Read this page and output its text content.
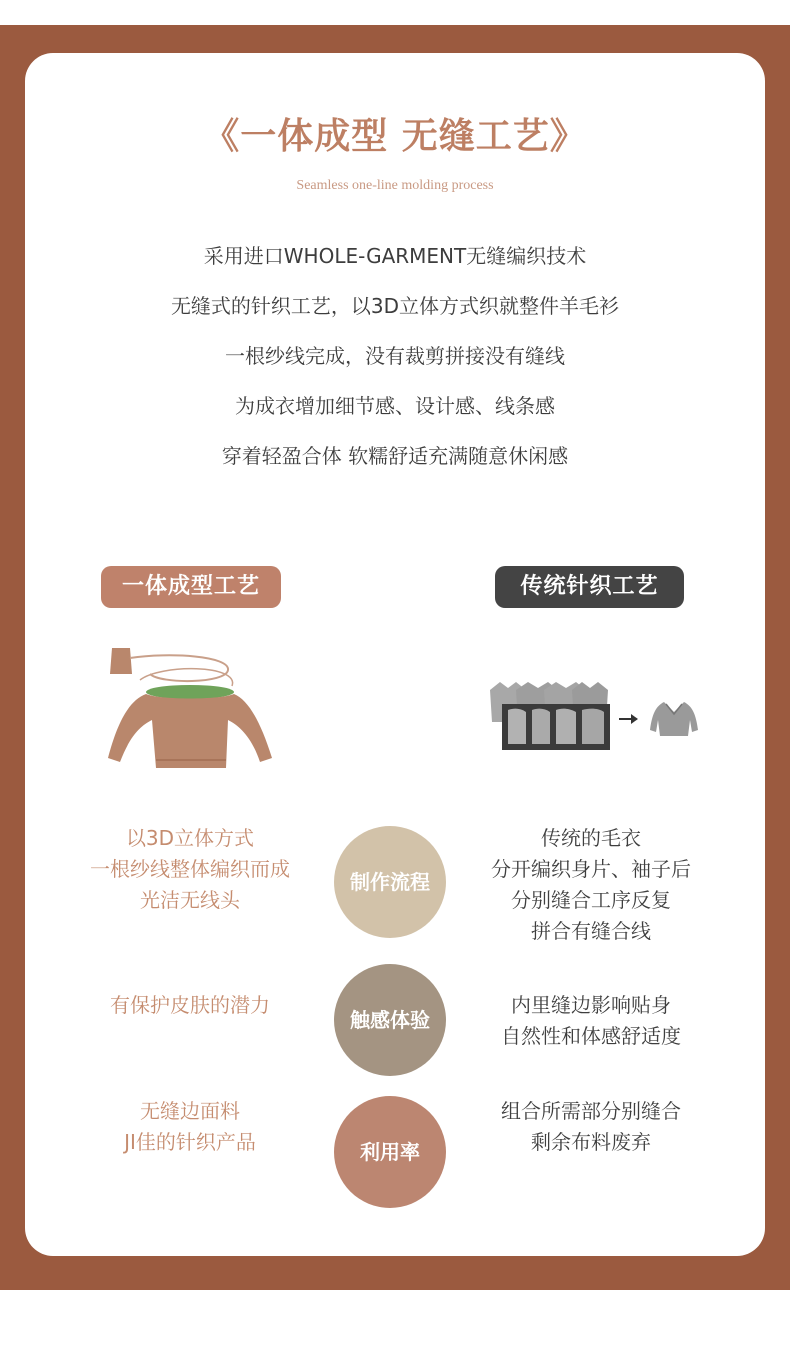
《一体成型 无缝工艺》
Seamless one-line molding process
采用进口WHOLE-GARMENT无缝编织技术
无缝式的针织工艺，以3D立体方式织就整件羊毛衫
一根纱线完成，没有裁剪拼接没有缝线
为成衣增加细节感、设计感、线条感
穿着轻盈合体 软糯舒适充满随意休闲感
一体成型工艺	传统针织工艺
以3D立体方式
一根纱线整体编织而成
光洁无线头
制作流程
传统的毛衣
分开编织身片、袖子后
分别缝合工序反复
拼合有缝合线
有保护皮肤的潜力
触感体验
内里缝边影响贴身
自然性和体感舒适度
无缝边面料
JI佳的针织产品	利用率
组合所需部分别缝合
剩余布料废弃
